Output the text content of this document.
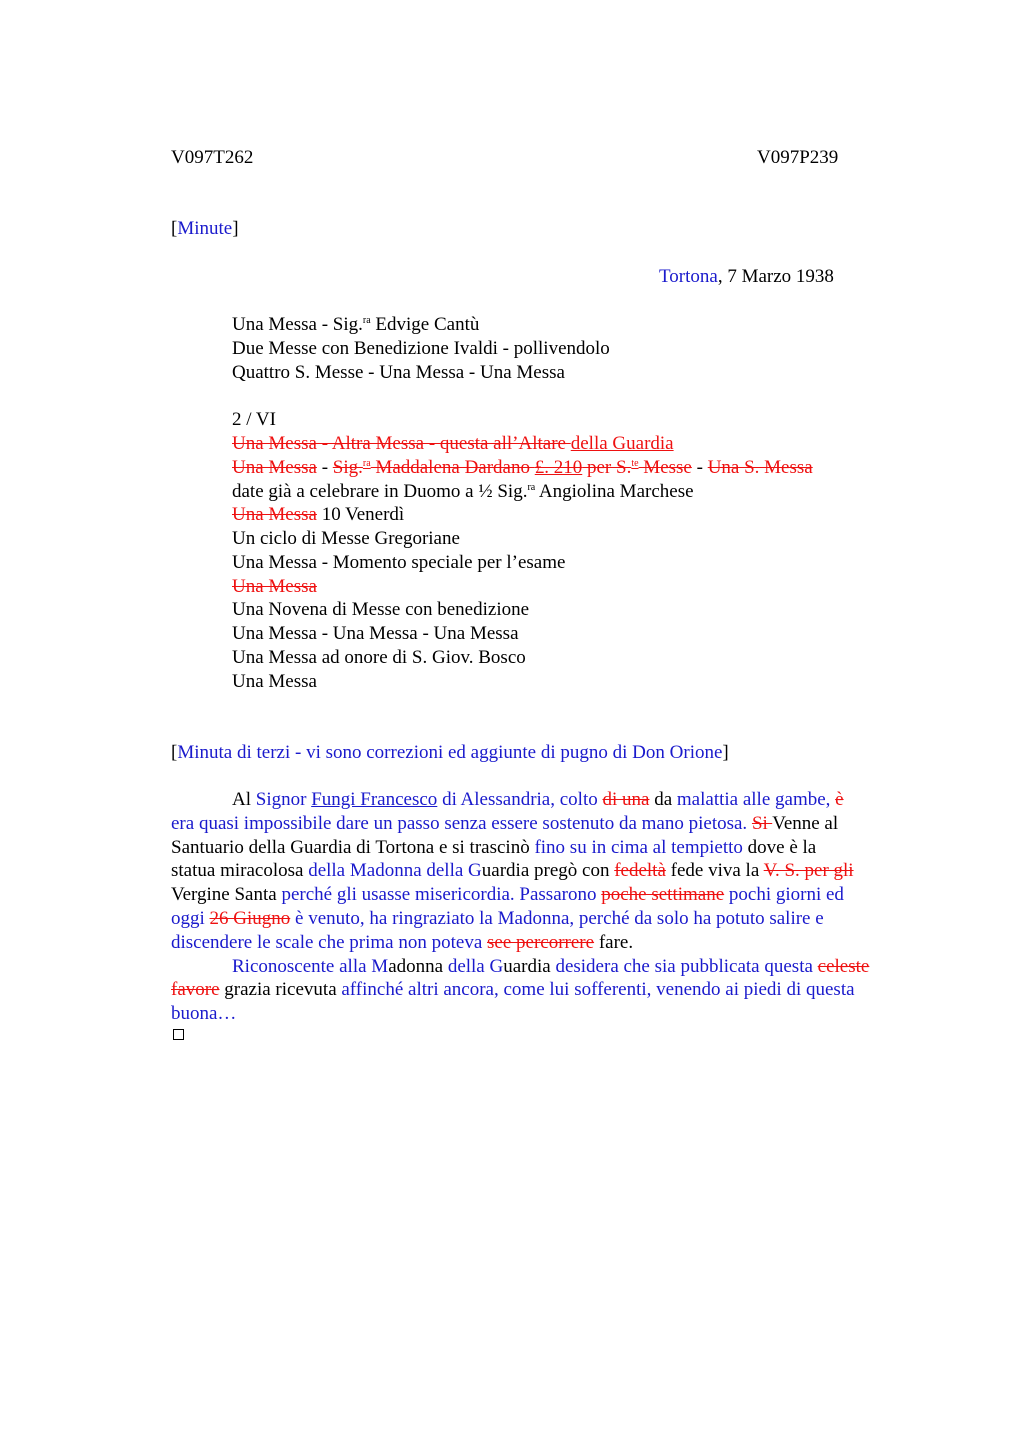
V097T262	V097P239
[Minute]
Tortona, 7 Marzo 1938
Una Messa - Sig.$^{ra}$ Edvige Cantù
Due Messe con Benedizione Ivaldi - pollivendolo
Quattro S. Messe - Una Messa - Una Messa
2 / VI
Una Messa - Altra Messa - questa all’Altare della Guardia
Una Messa - Sig.$^{ra}$ Maddalena Dardano £. 210 per S.$^{te}$ Messe - Una S. Messa
date già a celebrare in Duomo a ½ Sig.$^{ra}$ Angiolina Marchese
Una Messa 10 Venerdì
Un ciclo di Messe Gregoriane
Una Messa - Momento speciale per l’esame
Una Messa
Una Novena di Messe con benedizione
Una Messa - Una Messa - Una Messa
Una Messa ad onore di S. Giov. Bosco
Una Messa
[Minuta di terzi - vi sono correzioni ed aggiunte di pugno di Don Orione]
Al Signor Fungi Francesco di Alessandria, colto di una da malattia alle gambe, è
era quasi impossibile dare un passo senza essere sostenuto da mano pietosa. Si Venne al
Santuario della Guardia di Tortona e si trascinò fino su in cima al tempietto dove è la
statua miracolosa della Madonna della Guardia pregò con fedeltà fede viva la V. S. per gli
Vergine Santa perché gli usasse misericordia. Passarono poche settimane pochi giorni ed
oggi 26 Giugno è venuto, ha ringraziato la Madonna, perché da solo ha potuto salire e
discendere le scale che prima non poteva see percorrere fare.
Riconoscente alla Madonna della Guardia desidera che sia pubblicata questa celeste
favore grazia ricevuta affinché altri ancora, come lui sofferenti, venendo ai piedi di questa
buona…
